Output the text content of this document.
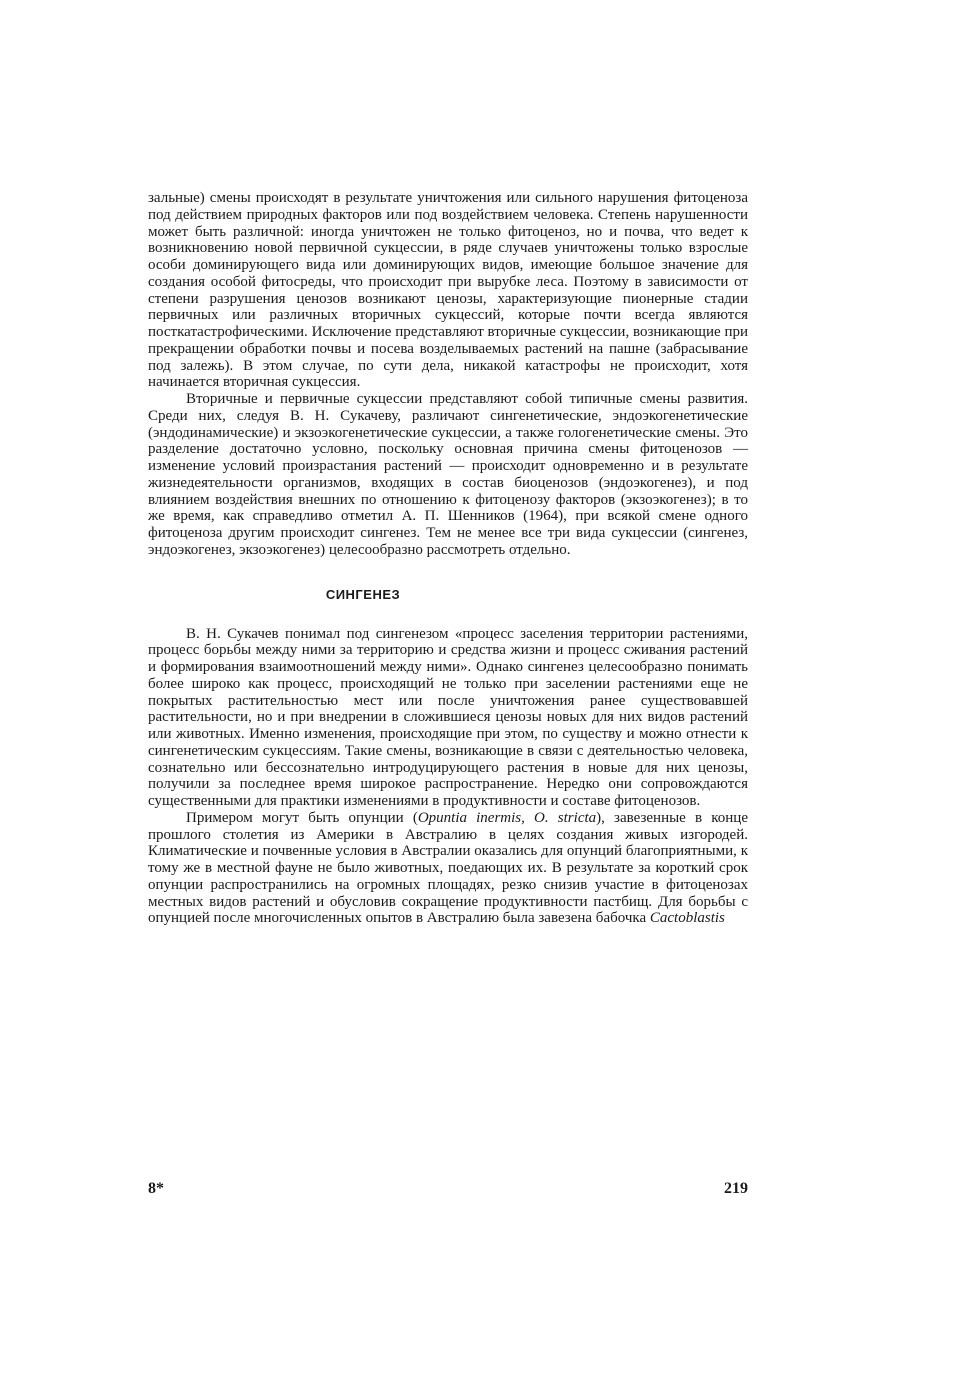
зальные) смены происходят в результате уничтожения или сильного нарушения фитоценоза под действием природных факторов или под воздействием человека. Степень нарушенности может быть различной: иногда уничтожен не только фитоценоз, но и почва, что ведет к возникновению новой первичной сукцессии, в ряде случаев уничтожены только взрослые особи доминирующего вида или доминирующих видов, имеющие большое значение для создания особой фитосреды, что происходит при вырубке леса. Поэтому в зависимости от степени разрушения ценозов возникают ценозы, характеризующие пионерные стадии первичных или различных вторичных сукцессий, которые почти всегда являются посткатастрофическими. Исключение представляют вторичные сукцессии, возникающие при прекращении обработки почвы и посева возделываемых растений на пашне (забрасывание под залежь). В этом случае, по сути дела, никакой катастрофы не происходит, хотя начинается вторичная сукцессия.

Вторичные и первичные сукцессии представляют собой типичные смены развития. Среди них, следуя В. Н. Сукачеву, различают сингенетические, эндоэкогенетические (эндодинамические) и экзоэкогенетические сукцессии, а также гологенетические смены. Это разделение достаточно условно, поскольку основная причина смены фитоценозов — изменение условий произрастания растений — происходит одновременно и в результате жизнедеятельности организмов, входящих в состав биоценозов (эндоэкогенез), и под влиянием воздействия внешних по отношению к фитоценозу факторов (экзоэкогенез); в то же время, как справедливо отметил А. П. Шенников (1964), при всякой смене одного фитоценоза другим происходит сингенез. Тем не менее все три вида сукцессии (сингенез, эндоэкогенез, экзоэкогенез) целесообразно рассмотреть отдельно.

СИНГЕНЕЗ

В. Н. Сукачев понимал под сингенезом «процесс заселения территории растениями, процесс борьбы между ними за территорию и средства жизни и процесс сживания растений и формирования взаимоотношений между ними». Однако сингенез целесообразно понимать более широко как процесс, происходящий не только при заселении растениями еще не покрытых растительностью мест или после уничтожения ранее существовавшей растительности, но и при внедрении в сложившиеся ценозы новых для них видов растений или животных. Именно изменения, происходящие при этом, по существу и можно отнести к сингенетическим сукцессиям. Такие смены, возникающие в связи с деятельностью человека, сознательно или бессознательно интродуцирующего растения в новые для них ценозы, получили за последнее время широкое распространение. Нередко они сопровождаются существенными для практики изменениями в продуктивности и составе фитоценозов.

Примером могут быть опунции (Opuntia inermis, O. stricta), завезенные в конце прошлого столетия из Америки в Австралию в целях создания живых изгородей. Климатические и почвенные условия в Австралии оказались для опунций благоприятными, к тому же в местной фауне не было животных, поедающих их. В результате за короткий срок опунции распространились на огромных площадях, резко снизив участие в фитоценозах местных видов растений и обусловив сокращение продуктивности пастбищ. Для борьбы с опунцией после многочисленных опытов в Австралию была завезена бабочка Cactoblastis

8*	219
